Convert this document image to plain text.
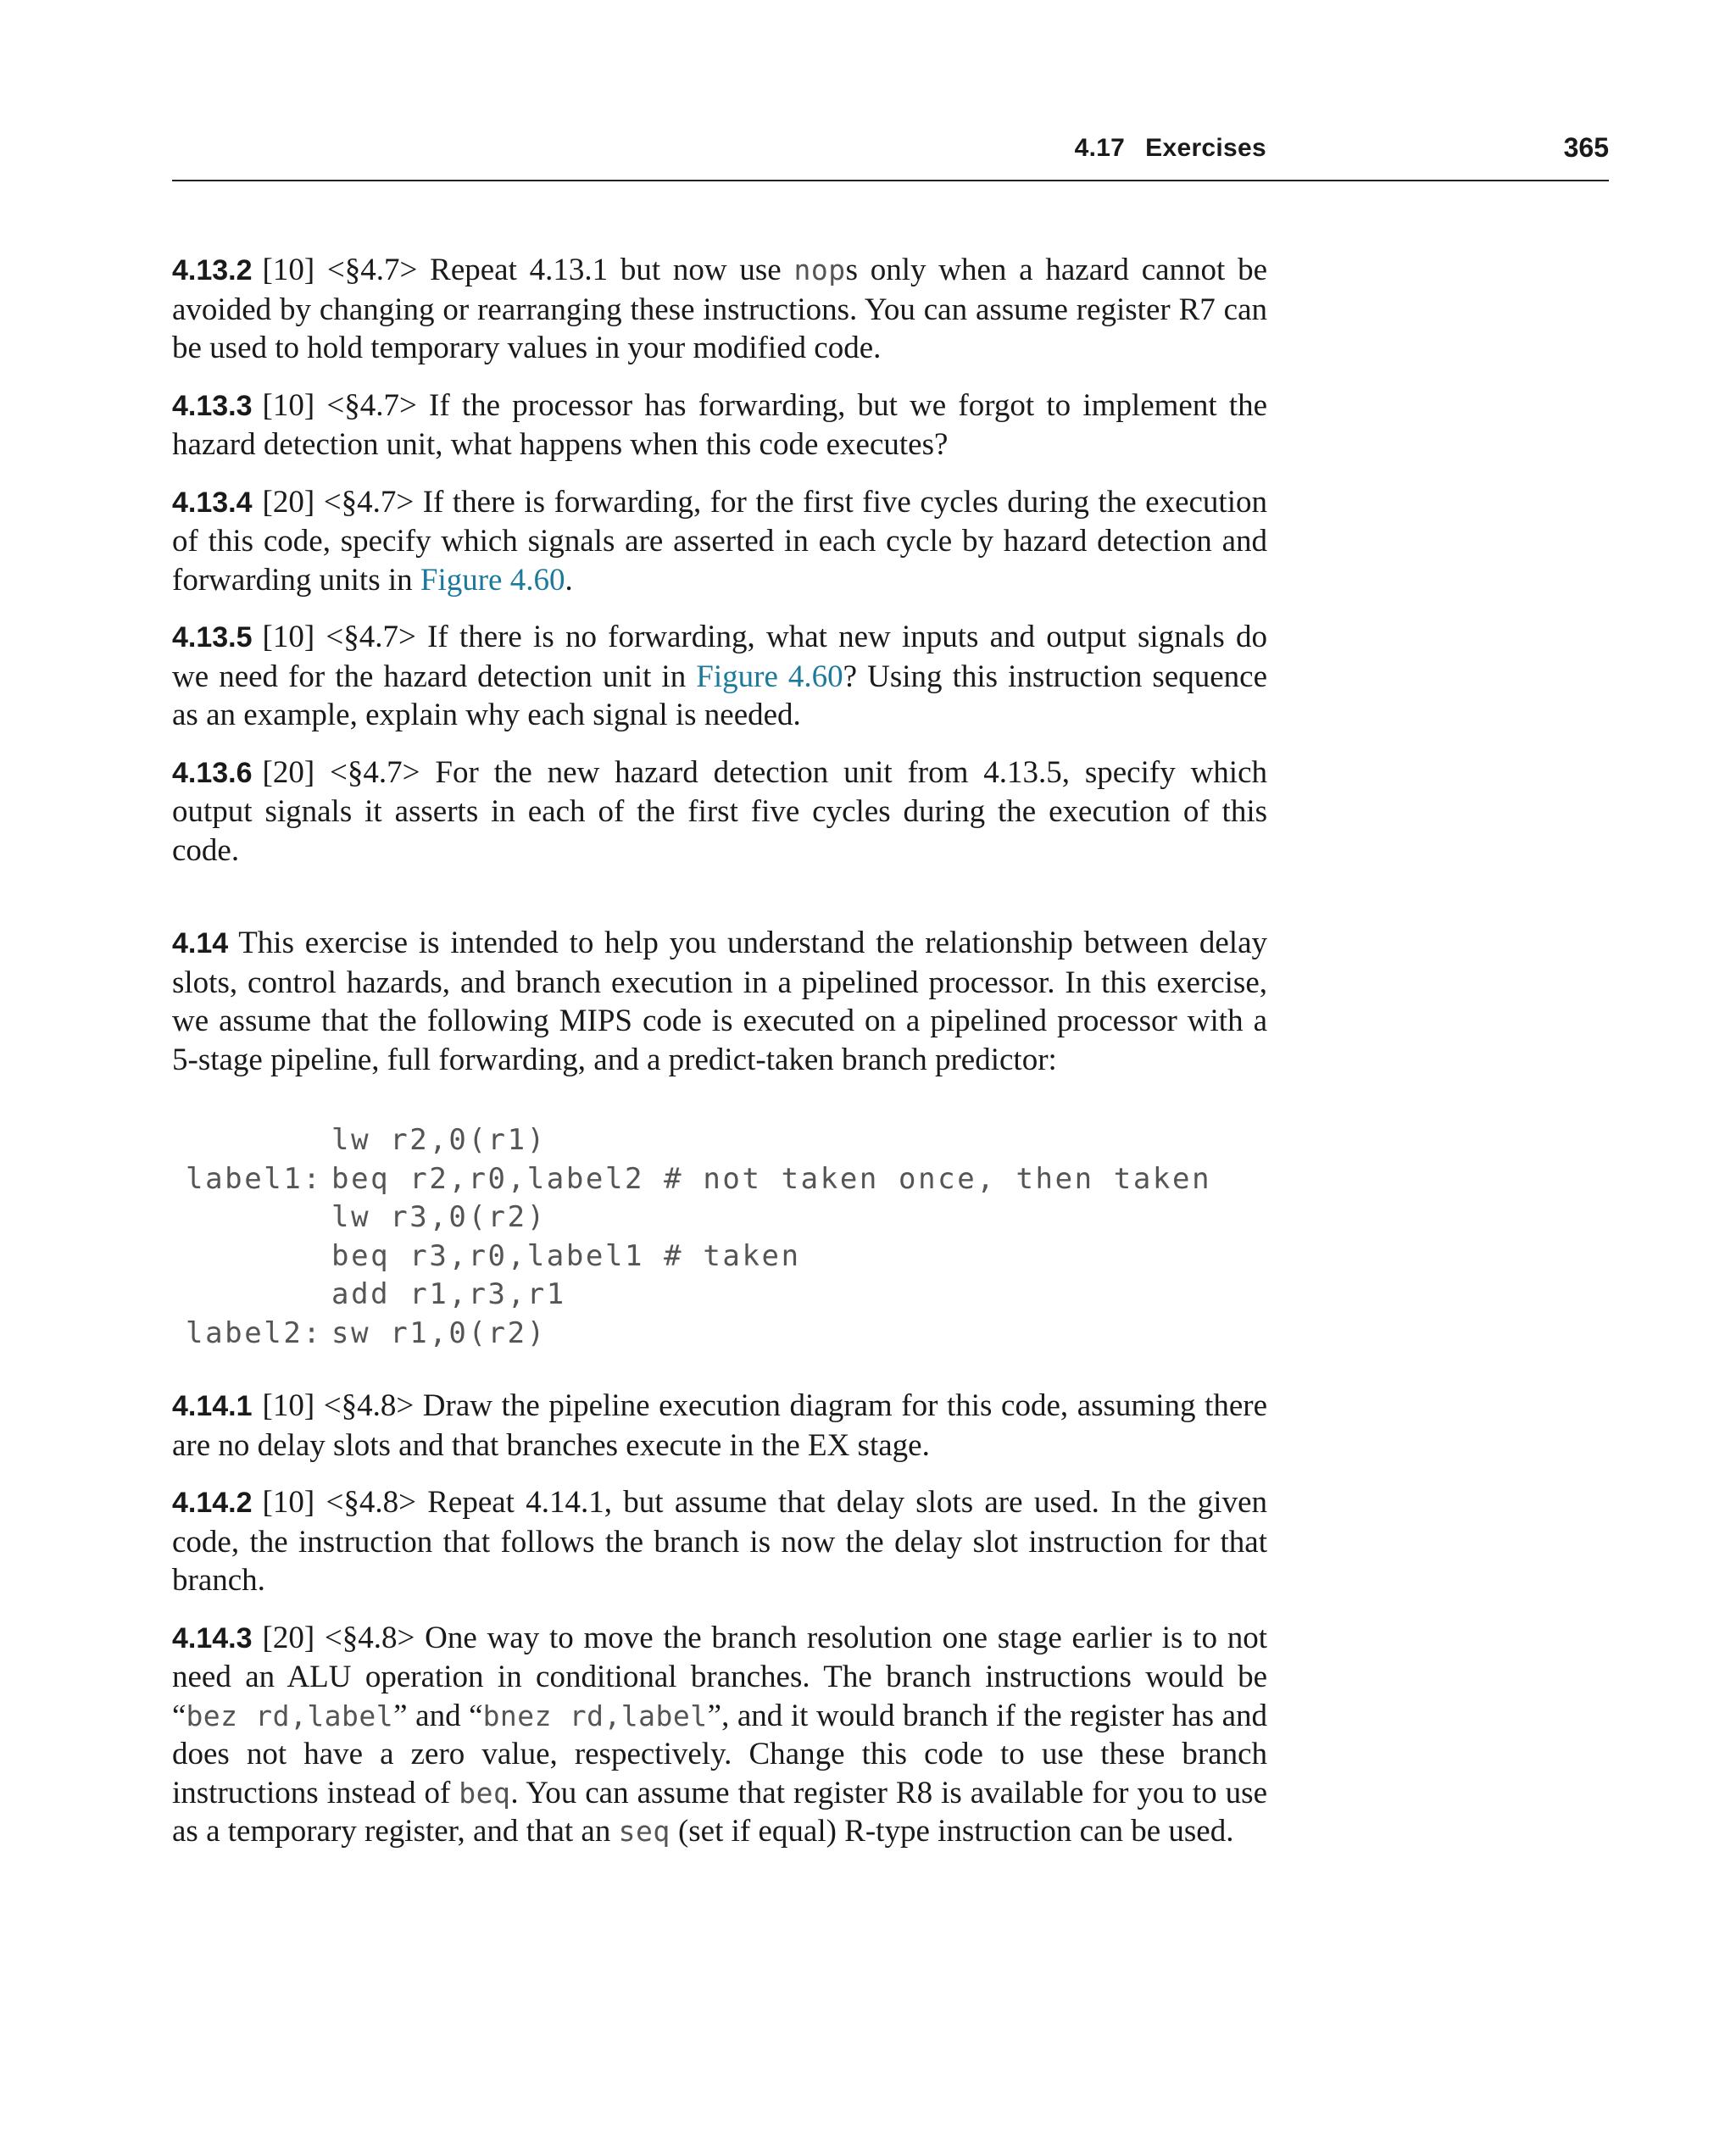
4.17 Exercises	365

4.13.2 [10] <§4.7> Repeat 4.13.1 but now use nops only when a hazard cannot be avoided by changing or rearranging these instructions. You can assume register R7 can be used to hold temporary values in your modified code.

4.13.3 [10] <§4.7> If the processor has forwarding, but we forgot to implement the hazard detection unit, what happens when this code executes?

4.13.4 [20] <§4.7> If there is forwarding, for the first five cycles during the execution of this code, specify which signals are asserted in each cycle by hazard detection and forwarding units in Figure 4.60.

4.13.5 [10] <§4.7> If there is no forwarding, what new inputs and output signals do we need for the hazard detection unit in Figure 4.60? Using this instruction sequence as an example, explain why each signal is needed.

4.13.6 [20] <§4.7> For the new hazard detection unit from 4.13.5, specify which output signals it asserts in each of the first five cycles during the execution of this code.

4.14 This exercise is intended to help you understand the relationship between delay slots, control hazards, and branch execution in a pipelined processor. In this exercise, we assume that the following MIPS code is executed on a pipelined processor with a 5-stage pipeline, full forwarding, and a predict-taken branch predictor:

lw r2,0(r1)
label1: beq r2,r0,label2 # not taken once, then taken
lw r3,0(r2)
beq r3,r0,label1 # taken
add r1,r3,r1
label2: sw r1,0(r2)

4.14.1 [10] <§4.8> Draw the pipeline execution diagram for this code, assuming there are no delay slots and that branches execute in the EX stage.

4.14.2 [10] <§4.8> Repeat 4.14.1, but assume that delay slots are used. In the given code, the instruction that follows the branch is now the delay slot instruction for that branch.

4.14.3 [20] <§4.8> One way to move the branch resolution one stage earlier is to not need an ALU operation in conditional branches. The branch instructions would be “bez rd,label” and “bnez rd,label”, and it would branch if the register has and does not have a zero value, respectively. Change this code to use these branch instructions instead of beq. You can assume that register R8 is available for you to use as a temporary register, and that an seq (set if equal) R-type instruction can be used.
